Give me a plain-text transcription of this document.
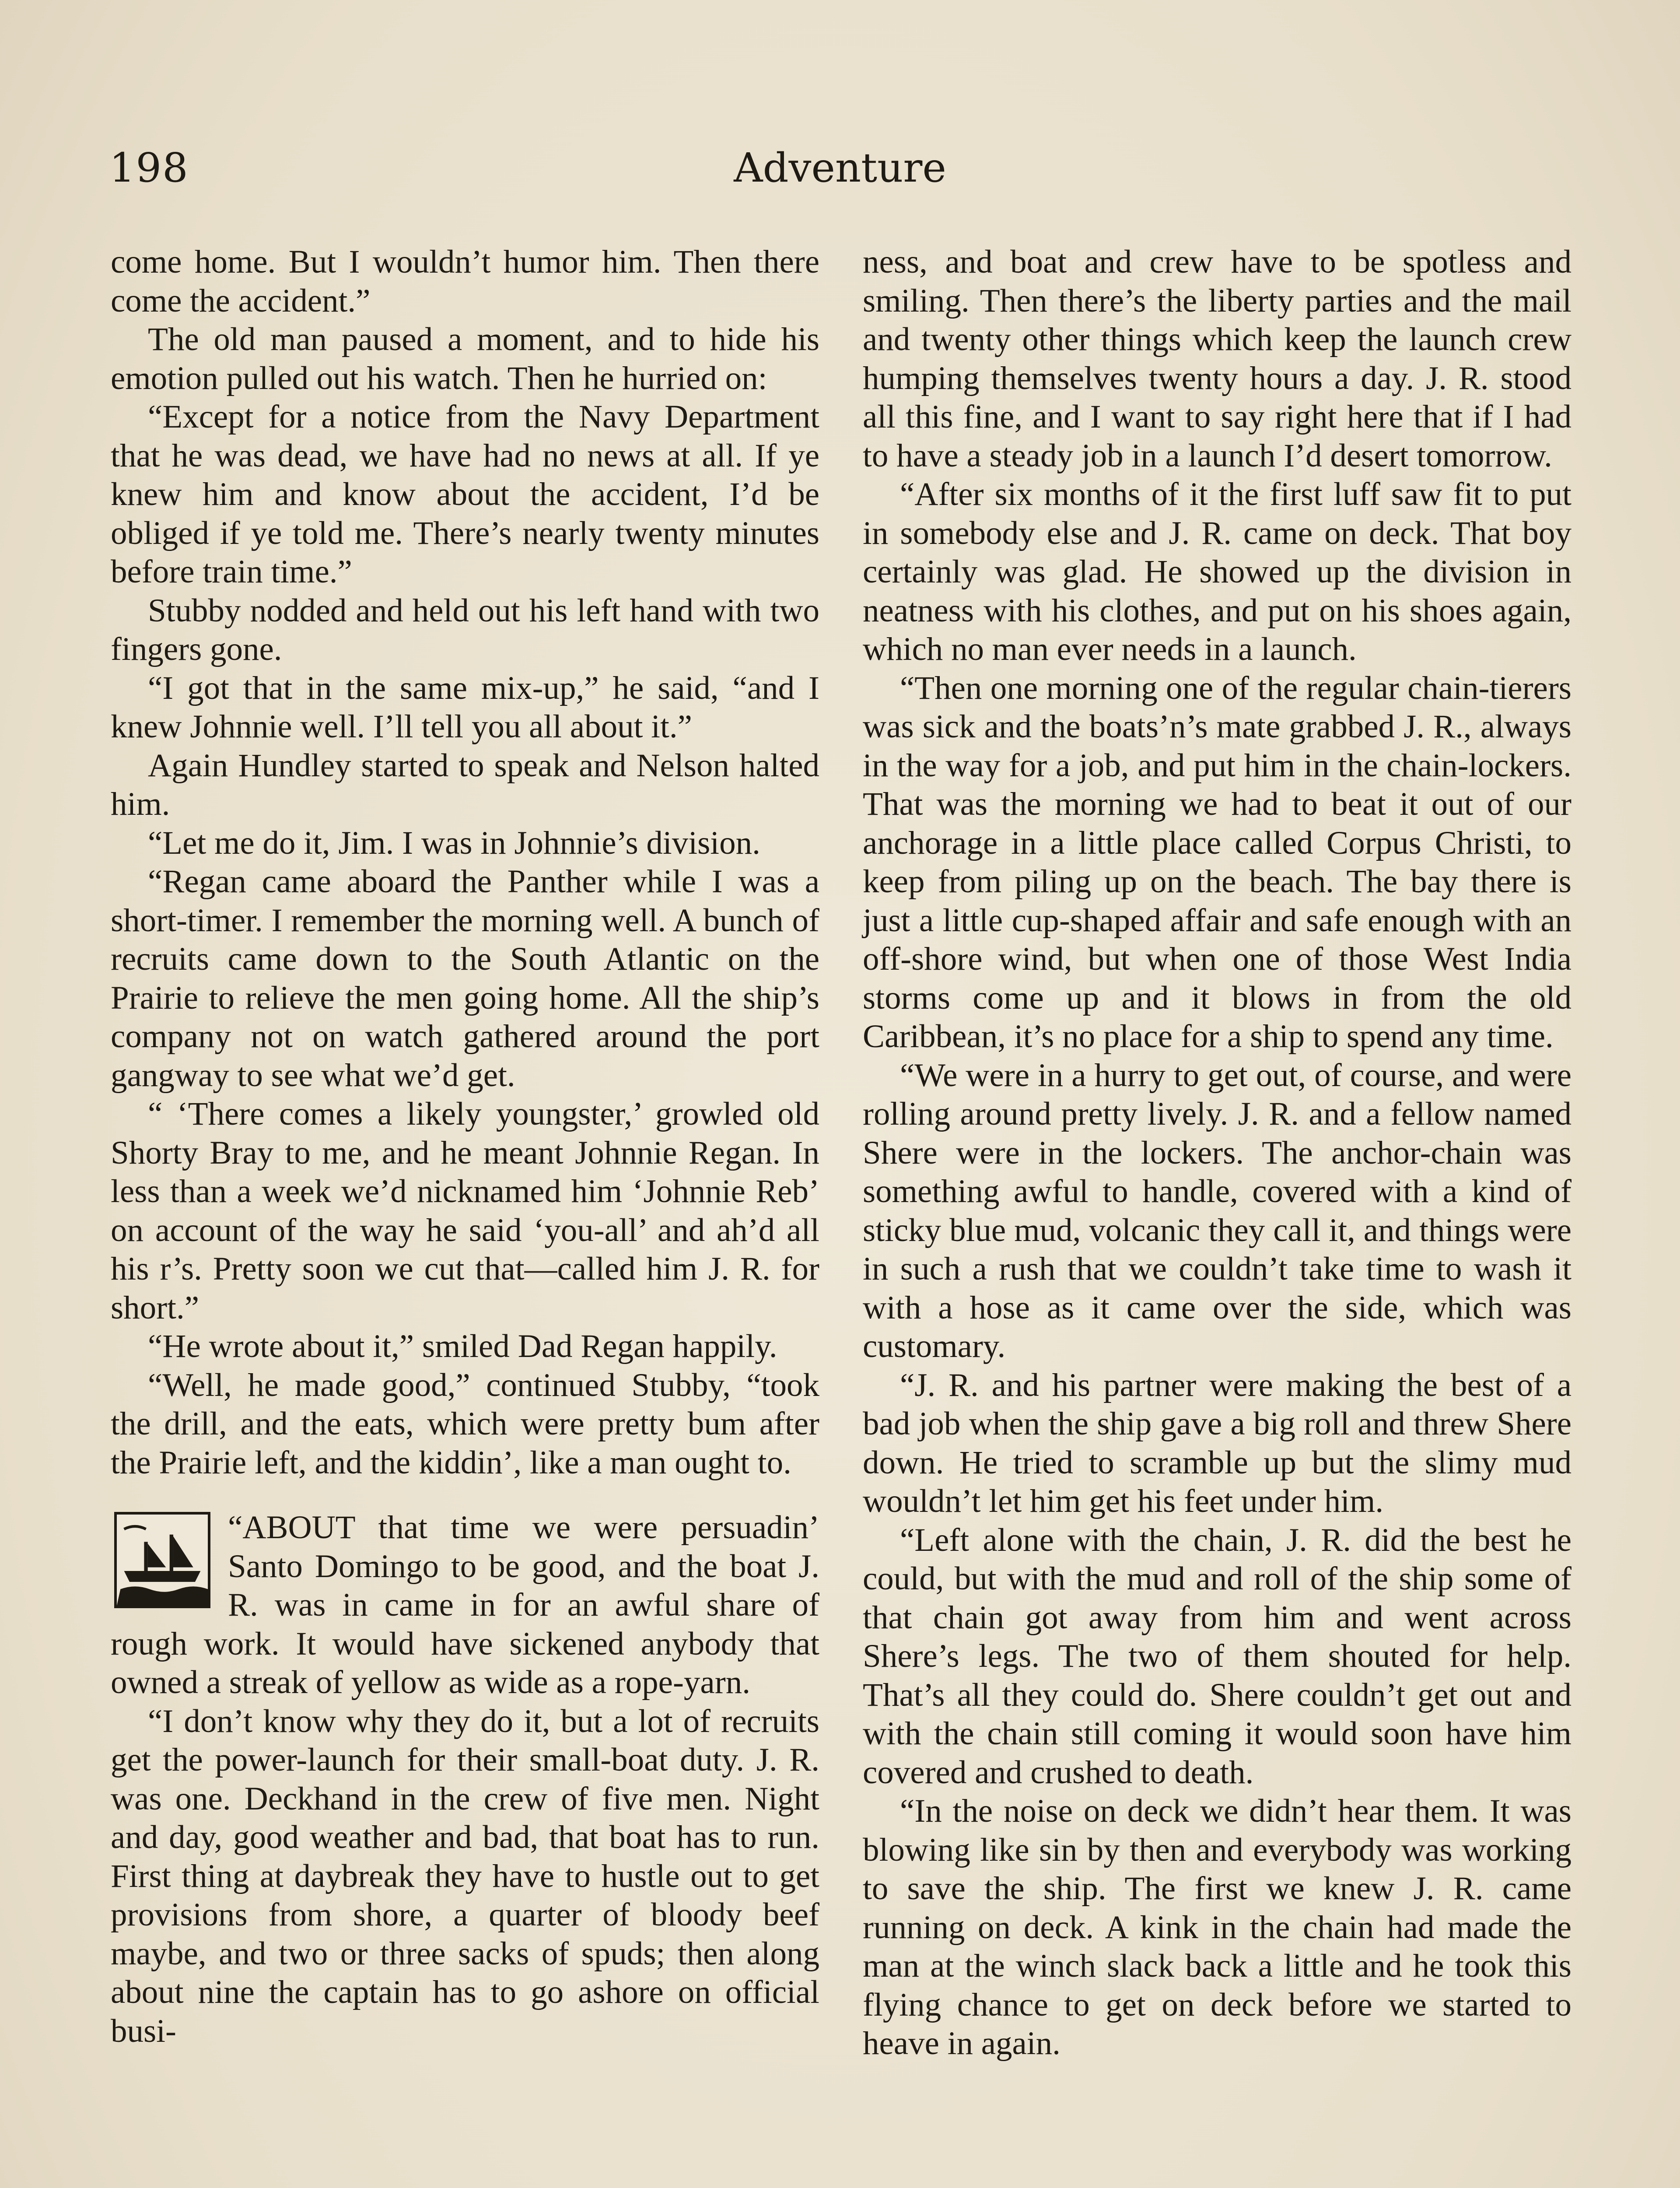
198	Adventure

come home. But I wouldn’t humor him. Then there come the accident.”

The old man paused a moment, and to hide his emotion pulled out his watch. Then he hurried on:

“Except for a notice from the Navy Department that he was dead, we have had no news at all. If ye knew him and know about the accident, I’d be obliged if ye told me. There’s nearly twenty minutes before train time.”

Stubby nodded and held out his left hand with two fingers gone.

“I got that in the same mix-up,” he said, “and I knew Johnnie well. I’ll tell you all about it.”

Again Hundley started to speak and Nelson halted him.

“Let me do it, Jim. I was in Johnnie’s division.

“Regan came aboard the Panther while I was a short-timer. I remember the morning well. A bunch of recruits came down to the South Atlantic on the Prairie to relieve the men going home. All the ship’s company not on watch gathered around the port gangway to see what we’d get.

“ ‘There comes a likely youngster,’ growled old Shorty Bray to me, and he meant Johnnie Regan. In less than a week we’d nicknamed him ‘Johnnie Reb’ on account of the way he said ‘you-all’ and ah’d all his r’s. Pretty soon we cut that—called him J. R. for short.”

“He wrote about it,” smiled Dad Regan happily.

“Well, he made good,” continued Stubby, “took the drill, and the eats, which were pretty bum after the Prairie left, and the kiddin’, like a man ought to.

“ABOUT that time we were persuadin’ Santo Domingo to be good, and the boat J. R. was in came in for an awful share of rough work. It would have sickened anybody that owned a streak of yellow as wide as a rope-yarn.

“I don’t know why they do it, but a lot of recruits get the power-launch for their small-boat duty. J. R. was one. Deckhand in the crew of five men. Night and day, good weather and bad, that boat has to run. First thing at daybreak they have to hustle out to get provisions from shore, a quarter of bloody beef maybe, and two or three sacks of spuds; then along about nine the captain has to go ashore on official busi-

ness, and boat and crew have to be spotless and smiling. Then there’s the liberty parties and the mail and twenty other things which keep the launch crew humping themselves twenty hours a day. J. R. stood all this fine, and I want to say right here that if I had to have a steady job in a launch I’d desert tomorrow.

“After six months of it the first luff saw fit to put in somebody else and J. R. came on deck. That boy certainly was glad. He showed up the division in neatness with his clothes, and put on his shoes again, which no man ever needs in a launch.

“Then one morning one of the regular chain-tierers was sick and the boats’n’s mate grabbed J. R., always in the way for a job, and put him in the chain-lockers. That was the morning we had to beat it out of our anchorage in a little place called Corpus Christi, to keep from piling up on the beach. The bay there is just a little cup-shaped affair and safe enough with an off-shore wind, but when one of those West India storms come up and it blows in from the old Caribbean, it’s no place for a ship to spend any time.

“We were in a hurry to get out, of course, and were rolling around pretty lively. J. R. and a fellow named Shere were in the lockers. The anchor-chain was something awful to handle, covered with a kind of sticky blue mud, volcanic they call it, and things were in such a rush that we couldn’t take time to wash it with a hose as it came over the side, which was customary.

“J. R. and his partner were making the best of a bad job when the ship gave a big roll and threw Shere down. He tried to scramble up but the slimy mud wouldn’t let him get his feet under him.

“Left alone with the chain, J. R. did the best he could, but with the mud and roll of the ship some of that chain got away from him and went across Shere’s legs. The two of them shouted for help. That’s all they could do. Shere couldn’t get out and with the chain still coming it would soon have him covered and crushed to death.

“In the noise on deck we didn’t hear them. It was blowing like sin by then and everybody was working to save the ship. The first we knew J. R. came running on deck. A kink in the chain had made the man at the winch slack back a little and he took this flying chance to get on deck before we started to heave in again.
